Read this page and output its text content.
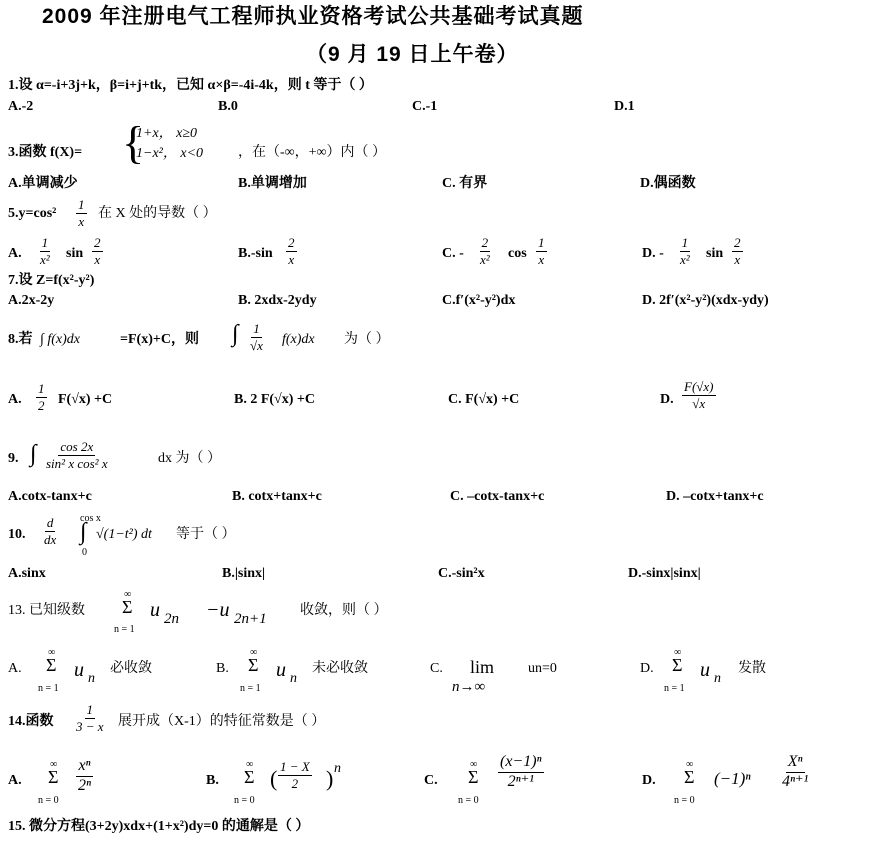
2009 年注册电气工程师执业资格考试公共基础考试真题
（9 月 19 日上午卷）
1.设 α=-i+3j+k，β=i+j+tk，已知 α×β=-4i-4k，则 t 等于（ ）
A.-2	B.0	C.-1	D.1
3.函数 f(X)= {
1+x， x≥0
1−x²， x<0 ，在（-∞，+∞）内（ ）
A.单调减少	B.单调增加	C. 有界	D.偶函数
$5.y=\cos^2 \frac{1}{x}$ 在 X 处的导数（ ）
A. $\frac{1}{\text{x²}}$ $\sin \frac{2}{x}$	$B.-\sin \frac{2}{x}$	C. - $\frac{2}{\text{x²}}$ $\cos \frac{1}{x}$	D. - $\frac{1}{\text{x²}}$ $\sin \frac{2}{x}$
7.设 Z=f(x²-y²)
A.2x-2y	B. 2xdx-2ydy	C.f′(x²-y²)dx	D. 2f′(x²-y²)(xdx-ydy)
8.若 ∫ f(x)dx	=F(x)+C，则 ∫ $\frac{1}{√x} f(x)dx$ 为（ ）
A. $\frac{1}{2} F(√x) +C$	B. 2 F(√x) +C	C. F(√x) +C	D. $\frac{F(√x)}{√x}$
9. ∫ $\frac{\cos 2x}{\text{sin² x cos² x}}$	dx 为（ ）
A.cotx-tanx+c	B. cotx+tanx+c	C. –cotx-tanx+c	D. –cotx+tanx+c
10. $\frac{d}{dx}$ cos x
∫
0
√(1−t²) dt 等于（ ）
A.sinx	B.|sinx|	C.-sin²x	D.-sinx|sinx|
13. 已知级数
∞
Σ
n = 1
u 2n −u 2n+1
收敛，则（ ）
A.
∞
Σ
n = 1
u n
必收敛	B.
∞
Σ
n = 1
u n
未必收敛	C. lim
n→∞
un=0	D.
∞
Σ
n = 1
u n
发散
14.函数 $\frac{1}{3 - x}$ 展开成（X-1）的特征常数是（ ）
A.
∞
Σ
n = 0
$\frac{\text{xⁿ}}{\text{2ⁿ}}$	B.
∞
Σ
n = 0
( $\frac{1 - X}{2}$ ) n
C.
∞
Σ
n = 0
$\frac{\text{(x−1)ⁿ}}{\text{2ⁿ⁺¹}}$	D.
∞
Σ
n = 0
$(-1)^n \frac{\text{Xⁿ}}{\text{4ⁿ⁺¹}}$
15. 微分方程(3+2y)xdx+(1+x²)dy=0 的通解是（ ）
